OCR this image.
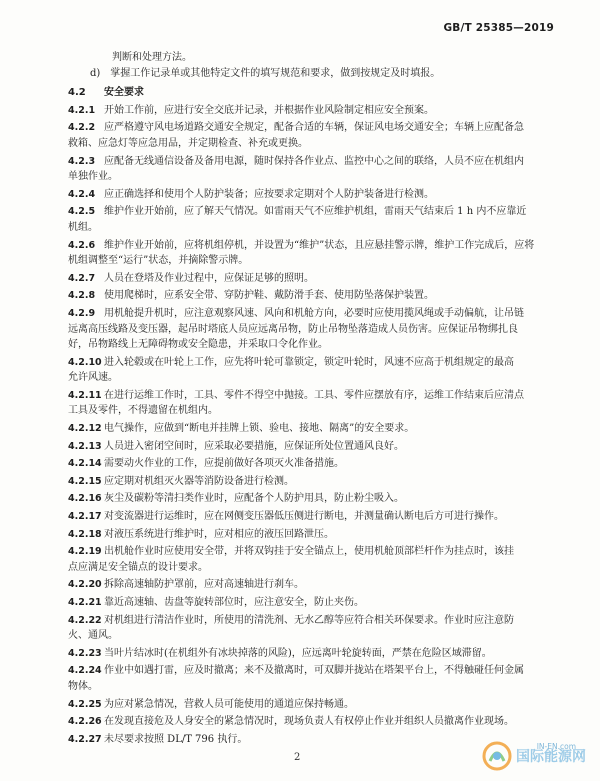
GB/T 25385—2019
判断和处理方法。
d)　掌握工作记录单或其他特定文件的填写规范和要求，做到按规定及时填报。
4.2 安全要求
4.2.1 开始工作前，应进行安全交底并记录，并根据作业风险制定相应安全预案。
4.2.2 应严格遵守风电场道路交通安全规定，配备合适的车辆，保证风电场交通安全；车辆上应配备急
救箱、应急灯等应急用品，并定期检查、补充或更换。
4.2.3 应配备无线通信设备及备用电源，随时保持各作业点、监控中心之间的联络，人员不应在机组内
单独作业。
4.2.4 应正确选择和使用个人防护装备；应按要求定期对个人防护装备进行检测。
4.2.5 维护作业开始前，应了解天气情况。如雷雨天气不应维护机组，雷雨天气结束后 1 h 内不应靠近
机组。
4.2.6 维护作业开始前，应将机组停机，并设置为“维护”状态，且应悬挂警示牌，维护工作完成后，应将
机组调整至“运行”状态，并摘除警示牌。
4.2.7 人员在登塔及作业过程中，应保证足够的照明。
4.2.8 使用爬梯时，应系安全带、穿防护鞋、戴防滑手套、使用防坠落保护装置。
4.2.9 用机舱提升机时，应注意观察风速、风向和机舱方向，必要时应使用揽风绳或手动偏航，让吊链
远离高压线路及变压器，起吊时塔底人员应远离吊物，防止吊物坠落造成人员伤害。应保证吊物绑扎良
好，吊物路线上无障碍物或安全隐患，并采取口令化作业。
4.2.10 进入轮毂或在叶轮上工作，应先将叶轮可靠锁定，锁定叶轮时，风速不应高于机组规定的最高
允许风速。
4.2.11 在进行运维工作时，工具、零件不得空中抛接。工具、零件应摆放有序，运维工作结束后应清点
工具及零件，不得遗留在机组内。
4.2.12 电气操作，应做到“断电并挂牌上锁、验电、接地、隔离”的安全要求。
4.2.13 人员进入密闭空间时，应采取必要措施，应保证所处位置通风良好。
4.2.14 需要动火作业的工作，应提前做好各项灭火准备措施。
4.2.15 应定期对机组灭火器等消防设备进行检测。
4.2.16 灰尘及碳粉等清扫类作业时，应配备个人防护用具，防止粉尘吸入。
4.2.17 对变流器进行运维时，应在网侧变压器低压侧进行断电，并测量确认断电后方可进行操作。
4.2.18 对液压系统进行维护时，应对相应的液压回路泄压。
4.2.19 出机舱作业时应使用安全带，并将双钩挂于安全锚点上，使用机舱顶部栏杆作为挂点时，该挂
点应满足安全锚点的设计要求。
4.2.20 拆除高速轴防护罩前，应对高速轴进行刹车。
4.2.21 靠近高速轴、齿盘等旋转部位时，应注意安全，防止夹伤。
4.2.22 对机组进行清洁作业时，所使用的清洗剂、无水乙醇等应符合相关环保要求。作业时应注意防
火、通风。
4.2.23 当叶片结冰时(在机组外有冰块掉落的风险)，应远离叶轮旋转面，严禁在危险区域滞留。
4.2.24 作业中如遇打雷，应及时撤离；来不及撤离时，可双脚并拢站在塔架平台上，不得触碰任何金属
物体。
4.2.25 为应对紧急情况，营救人员可能使用的通道应保持畅通。
4.2.26 在发现直接危及人身安全的紧急情况时，现场负责人有权停止作业并组织人员撤离作业现场。
4.2.27 未尽要求按照 DL/T 796 执行。
2
IN-EN.com
国际能源网
